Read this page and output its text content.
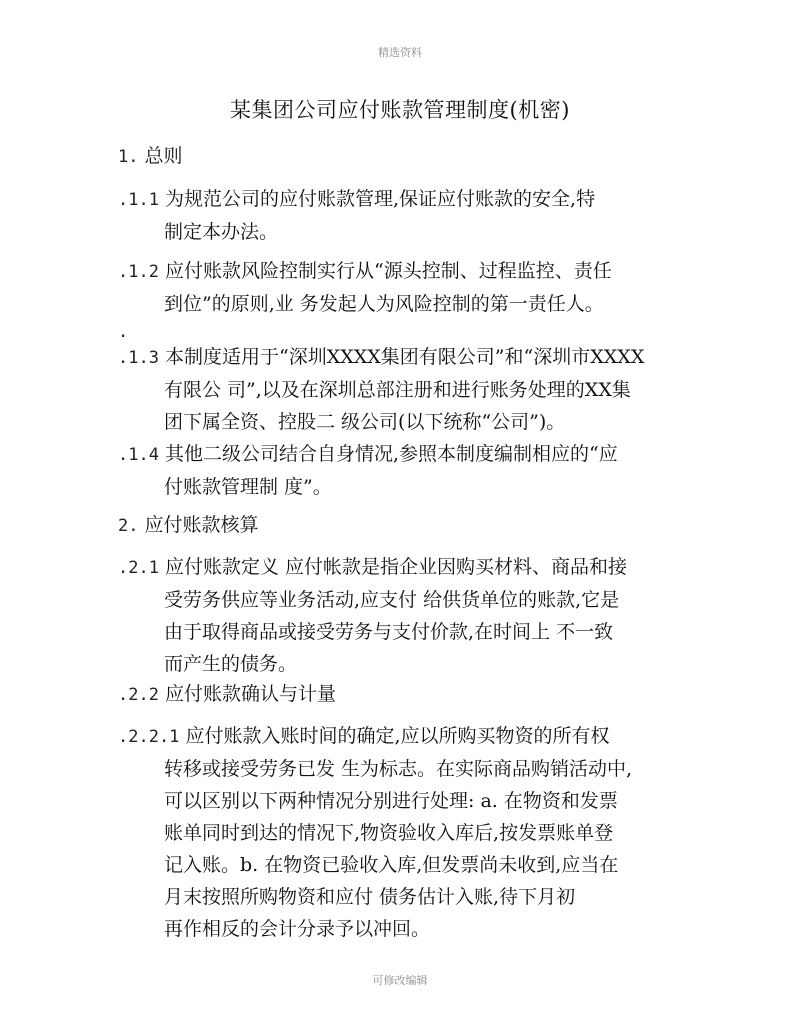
精选资料
某集团公司应付账款管理制度(机密)
1. 总则
.1.1 为规范公司的应付账款管理,保证应付账款的安全,特
制定本办法。
.1.2 应付账款风险控制实行从“源头控制、过程监控、责任
到位”的原则,业 务发起人为风险控制的第一责任人。
.
.1.3 本制度适用于“深圳XXXX集团有限公司”和“深圳市XXXX
有限公 司”,以及在深圳总部注册和进行账务处理的XX集
团下属全资、控股二 级公司(以下统称“公司”)。
.1.4 其他二级公司结合自身情况,参照本制度编制相应的“应
付账款管理制 度”。
2. 应付账款核算
.2.1 应付账款定义 应付帐款是指企业因购买材料、商品和接
受劳务供应等业务活动,应支付 给供货单位的账款,它是
由于取得商品或接受劳务与支付价款,在时间上 不一致
而产生的债务。
.2.2 应付账款确认与计量
.2.2.1 应付账款入账时间的确定,应以所购买物资的所有权
转移或接受劳务已发 生为标志。在实际商品购销活动中,
可以区别以下两种情况分别进行处理: a. 在物资和发票
账单同时到达的情况下,物资验收入库后,按发票账单登
记入账。b. 在物资已验收入库,但发票尚未收到,应当在
月末按照所购物资和应付 债务估计入账,待下月初
再作相反的会计分录予以冲回。
可修改编辑
